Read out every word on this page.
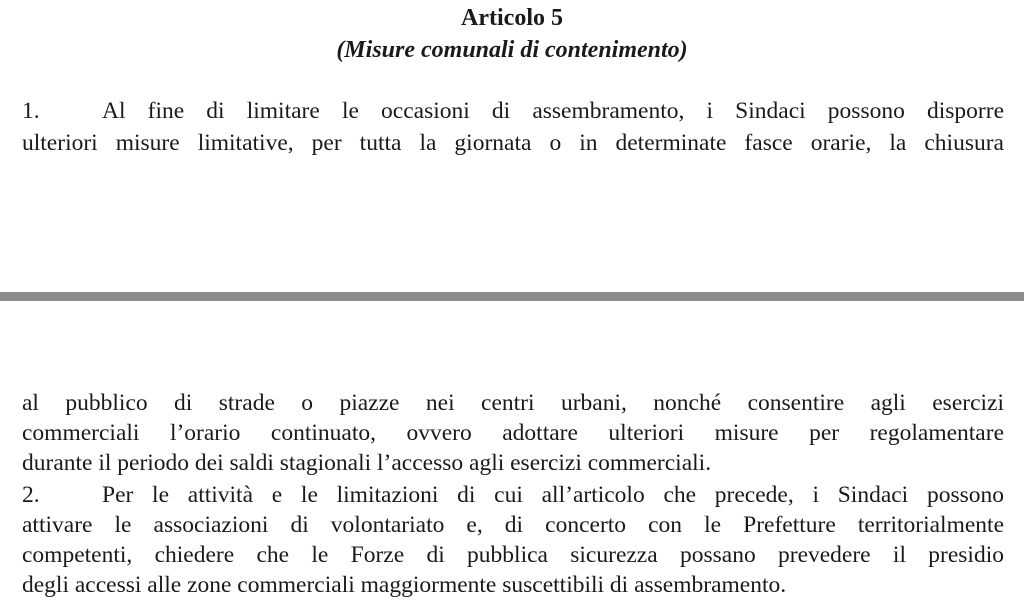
Articolo 5
(Misure comunali di contenimento)
1.	Al fine di limitare le occasioni di assembramento, i Sindaci possono disporre
ulteriori misure limitative, per tutta la giornata o in determinate fasce orarie, la chiusura
al pubblico di strade o piazze nei centri urbani, nonché consentire agli esercizi
commerciali l’orario continuato, ovvero adottare ulteriori misure per regolamentare
durante il periodo dei saldi stagionali l’accesso agli esercizi commerciali.
2.	Per le attività e le limitazioni di cui all’articolo che precede, i Sindaci possono
attivare le associazioni di volontariato e, di concerto con le Prefetture territorialmente
competenti, chiedere che le Forze di pubblica sicurezza possano prevedere il presidio
degli accessi alle zone commerciali maggiormente suscettibili di assembramento.
